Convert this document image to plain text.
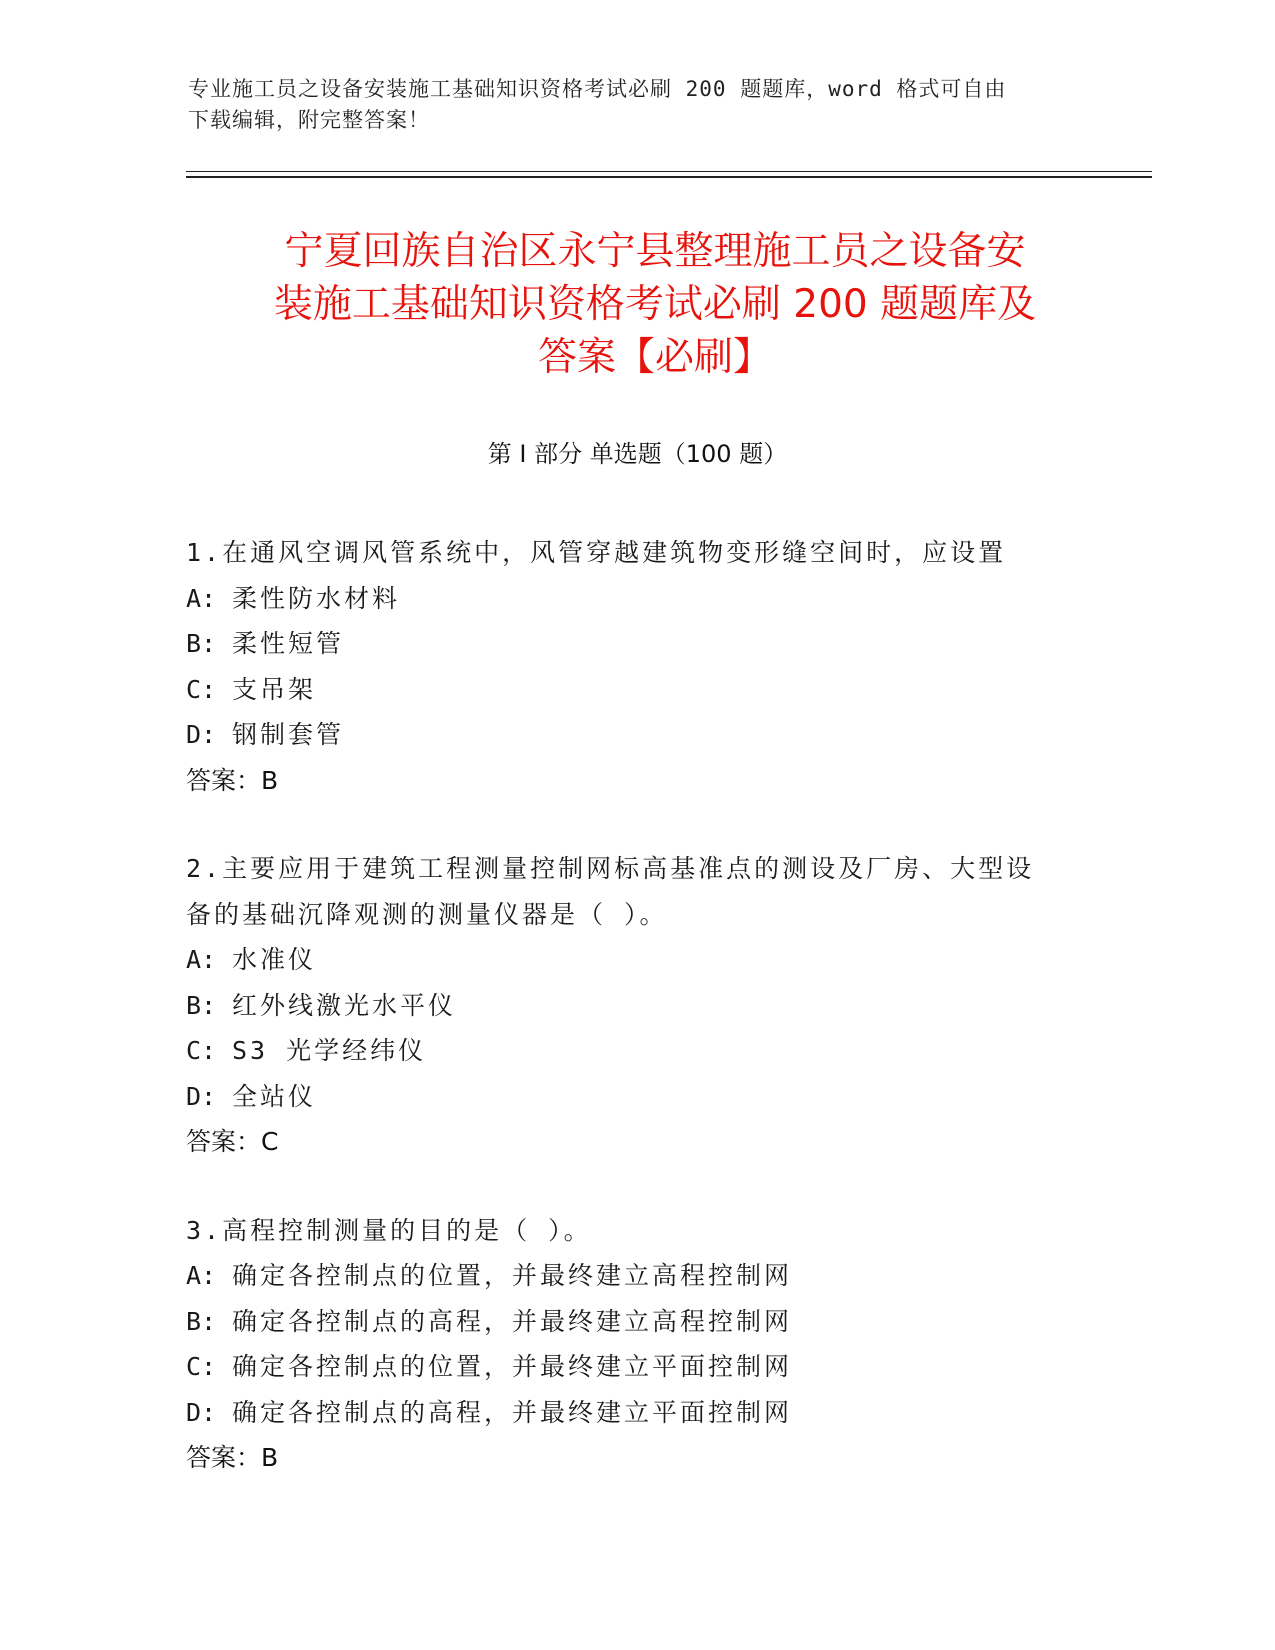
专业施工员之设备安装施工基础知识资格考试必刷 200 题题库，word 格式可自由
下载编辑，附完整答案！
宁夏回族自治区永宁县整理施工员之设备安
装施工基础知识资格考试必刷 200 题题库及
答案【必刷】
第 I 部分 单选题（100 题）
1.在通风空调风管系统中，风管穿越建筑物变形缝空间时，应设置
A: 柔性防水材料
B: 柔性短管
C: 支吊架
D: 钢制套管
答案：B
2.主要应用于建筑工程测量控制网标高基准点的测设及厂房、大型设
备的基础沉降观测的测量仪器是（ ）。
A: 水准仪
B: 红外线激光水平仪
C: S3 光学经纬仪
D: 全站仪
答案：C
3.高程控制测量的目的是（ ）。
A: 确定各控制点的位置，并最终建立高程控制网
B: 确定各控制点的高程，并最终建立高程控制网
C: 确定各控制点的位置，并最终建立平面控制网
D: 确定各控制点的高程，并最终建立平面控制网
答案：B
